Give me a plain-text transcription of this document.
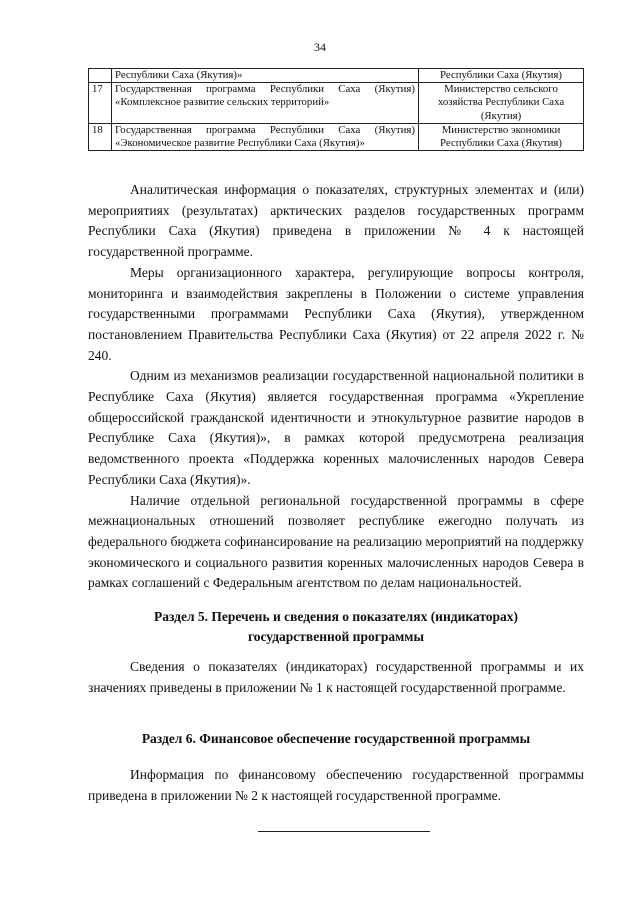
34
	Республики Саха (Якутия)»	Республики Саха (Якутия)
17	Государственная программа Республики Саха (Якутия) «Комплексное развитие сельских территорий»	Министерство сельского хозяйства Республики Саха (Якутия)
18	Государственная программа Республики Саха (Якутия) «Экономическое развитие Республики Саха (Якутия)»	Министерство экономики Республики Саха (Якутия)

Аналитическая информация о показателях, структурных элементах и (или) мероприятиях (результатах) арктических разделов государственных программ Республики Саха (Якутия) приведена в приложении № 4 к настоящей государственной программе.

Меры организационного характера, регулирующие вопросы контроля, мониторинга и взаимодействия закреплены в Положении о системе управления государственными программами Республики Саха (Якутия), утвержденном постановлением Правительства Республики Саха (Якутия) от 22 апреля 2022 г. № 240.

Одним из механизмов реализации государственной национальной политики в Республике Саха (Якутия) является государственная программа «Укрепление общероссийской гражданской идентичности и этнокультурное развитие народов в Республике Саха (Якутия)», в рамках которой предусмотрена реализация ведомственного проекта «Поддержка коренных малочисленных народов Севера Республики Саха (Якутия)».

Наличие отдельной региональной государственной программы в сфере межнациональных отношений позволяет республике ежегодно получать из федерального бюджета софинансирование на реализацию мероприятий на поддержку экономического и социального развития коренных малочисленных народов Севера в рамках соглашений с Федеральным агентством по делам национальностей.

Раздел 5. Перечень и сведения о показателях (индикаторах)
государственной программы

Сведения о показателях (индикаторах) государственной программы и их значениях приведены в приложении № 1 к настоящей государственной программе.

Раздел 6. Финансовое обеспечение государственной программы

Информация по финансовому обеспечению государственной программы приведена в приложении № 2 к настоящей государственной программе.
